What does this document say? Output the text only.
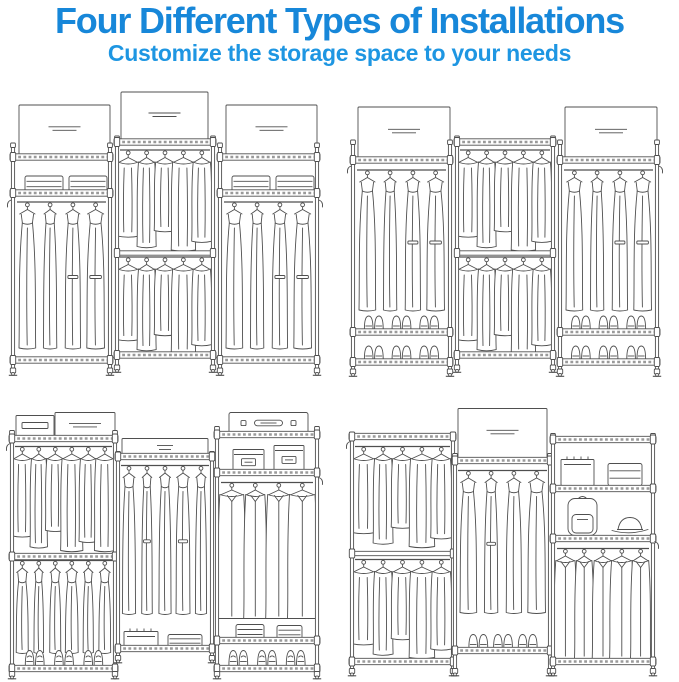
Four Different Types of Installations
Customize the storage space to your needs
